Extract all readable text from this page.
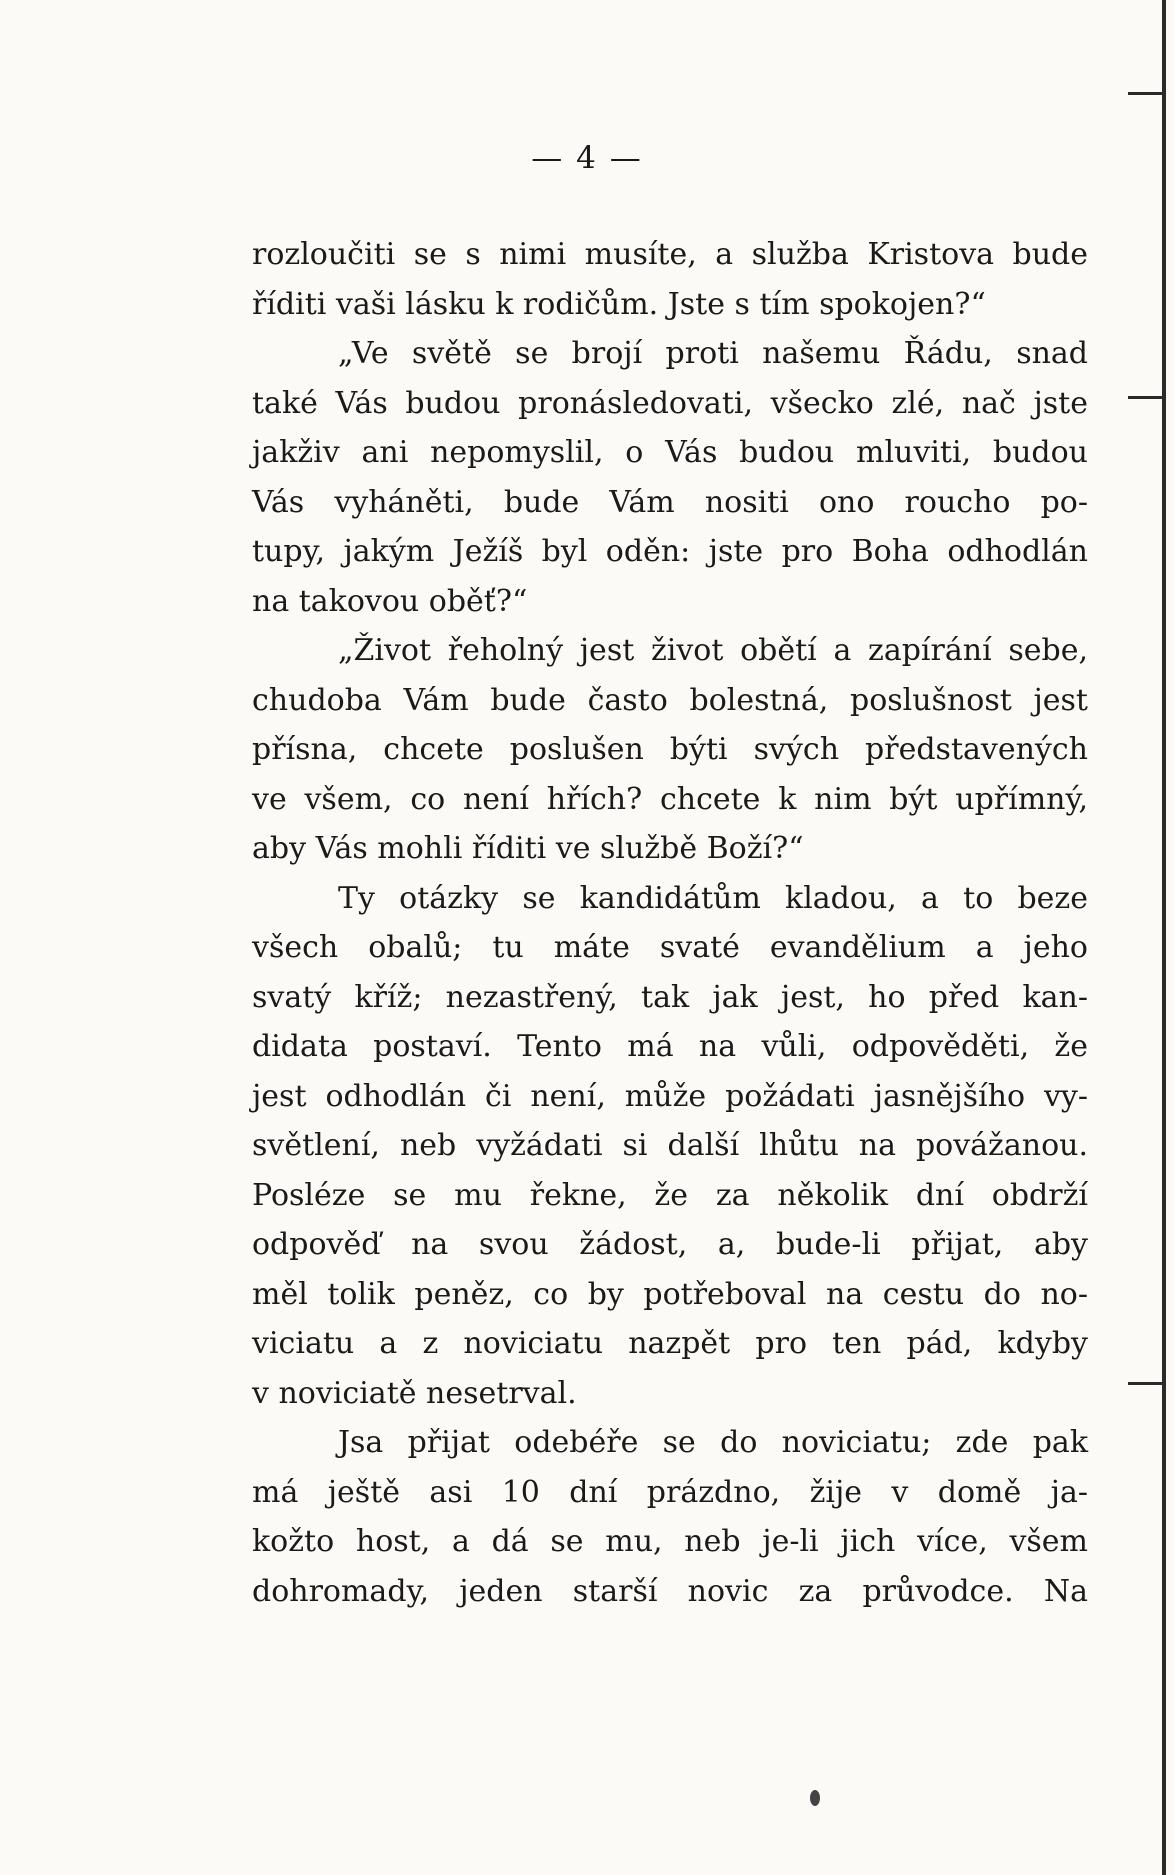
— 4 —
rozloučiti se s nimi musíte, a služba Kristova bude
říditi vaši lásku k rodičům. Jste s tím spokojen?“
„Ve světě se brojí proti našemu Řádu, snad
také Vás budou pronásledovati, všecko zlé, nač jste
jakživ ani nepomyslil, o Vás budou mluviti, budou
Vás vyháněti, bude Vám nositi ono roucho po-
tupy, jakým Ježíš byl oděn: jste pro Boha odhodlán
na takovou oběť?“
„Život řeholný jest život obětí a zapírání sebe,
chudoba Vám bude často bolestná, poslušnost jest
přísna, chcete poslušen býti svých představených
ve všem, co není hřích? chcete k nim být upřímný,
aby Vás mohli říditi ve službě Boží?“
Ty otázky se kandidátům kladou, a to beze
všech obalů; tu máte svaté evandělium a jeho
svatý kříž; nezastřený, tak jak jest, ho před kan-
didata postaví. Tento má na vůli, odpověděti, že
jest odhodlán či není, může požádati jasnějšího vy-
světlení, neb vyžádati si další lhůtu na povážanou.
Posléze se mu řekne, že za několik dní obdrží
odpověď na svou žádost, a, bude-li přijat, aby
měl tolik peněz, co by potřeboval na cestu do no-
viciatu a z noviciatu nazpět pro ten pád, kdyby
v noviciatě nesetrval.
Jsa přijat odebéře se do noviciatu; zde pak
má ještě asi 10 dní prázdno, žije v domě ja-
kožto host, a dá se mu, neb je-li jich více, všem
dohromady, jeden starší novic za průvodce. Na
